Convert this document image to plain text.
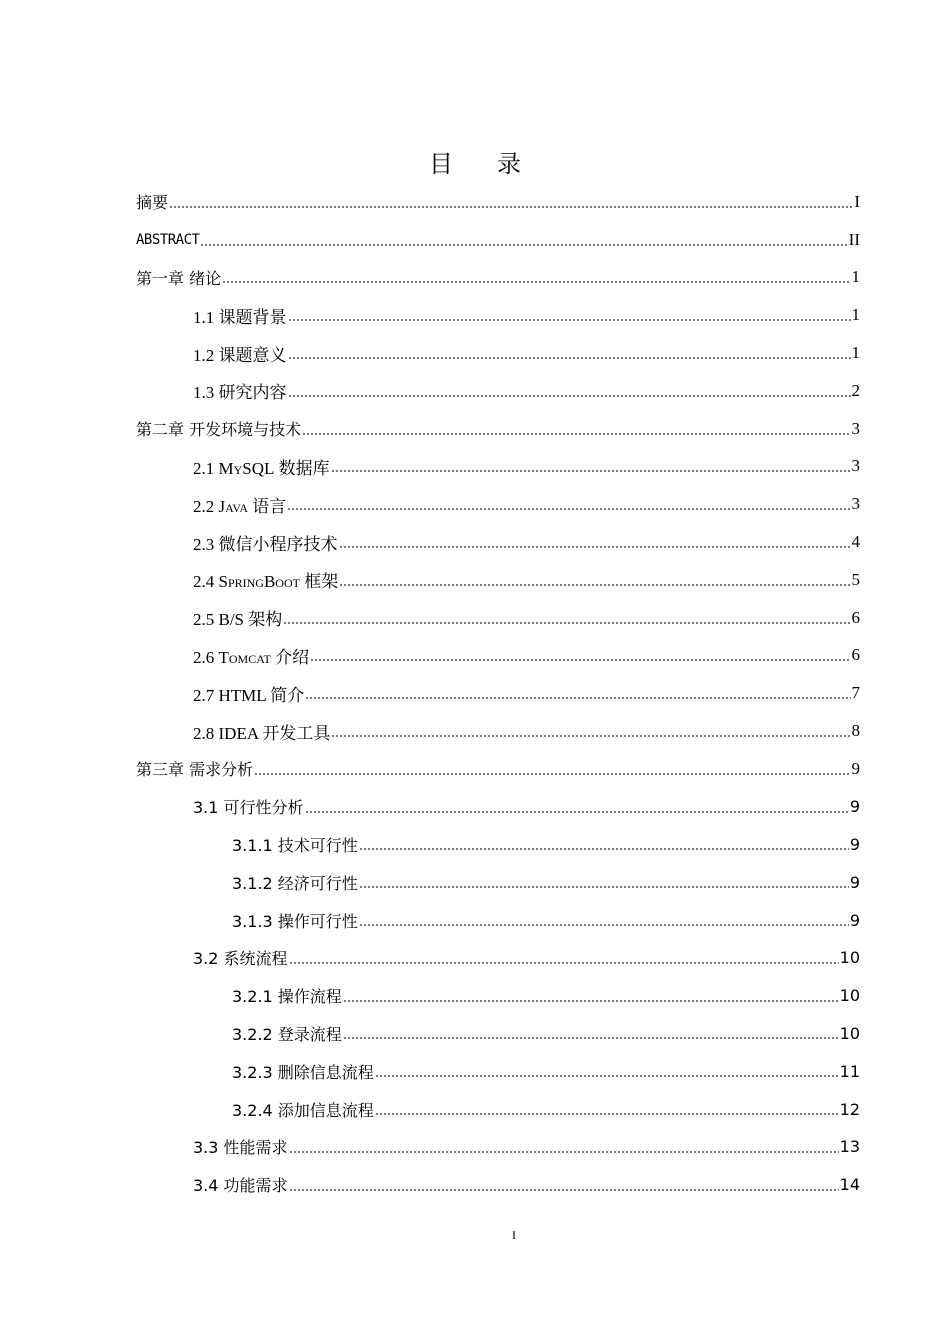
目 录
摘要	I
ABSTRACT	II
第一章 绪论	1
1.1 课题背景	1
1.2 课题意义	1
1.3 研究内容	2
第二章 开发环境与技术	3
2.1 MySQL 数据库	3
2.2 Java 语言	3
2.3 微信小程序技术	4
2.4 SpringBoot 框架	5
2.5 B/S 架构	6
2.6 Tomcat 介绍	6
2.7 HTML 简介	7
2.8 IDEA 开发工具	8
第三章 需求分析	9
3.1 可行性分析	9
3.1.1 技术可行性	9
3.1.2 经济可行性	9
3.1.3 操作可行性	9
3.2 系统流程	10
3.2.1 操作流程	10
3.2.2 登录流程	10
3.2.3 删除信息流程	11
3.2.4 添加信息流程	12
3.3 性能需求	13
3.4 功能需求	14
I
